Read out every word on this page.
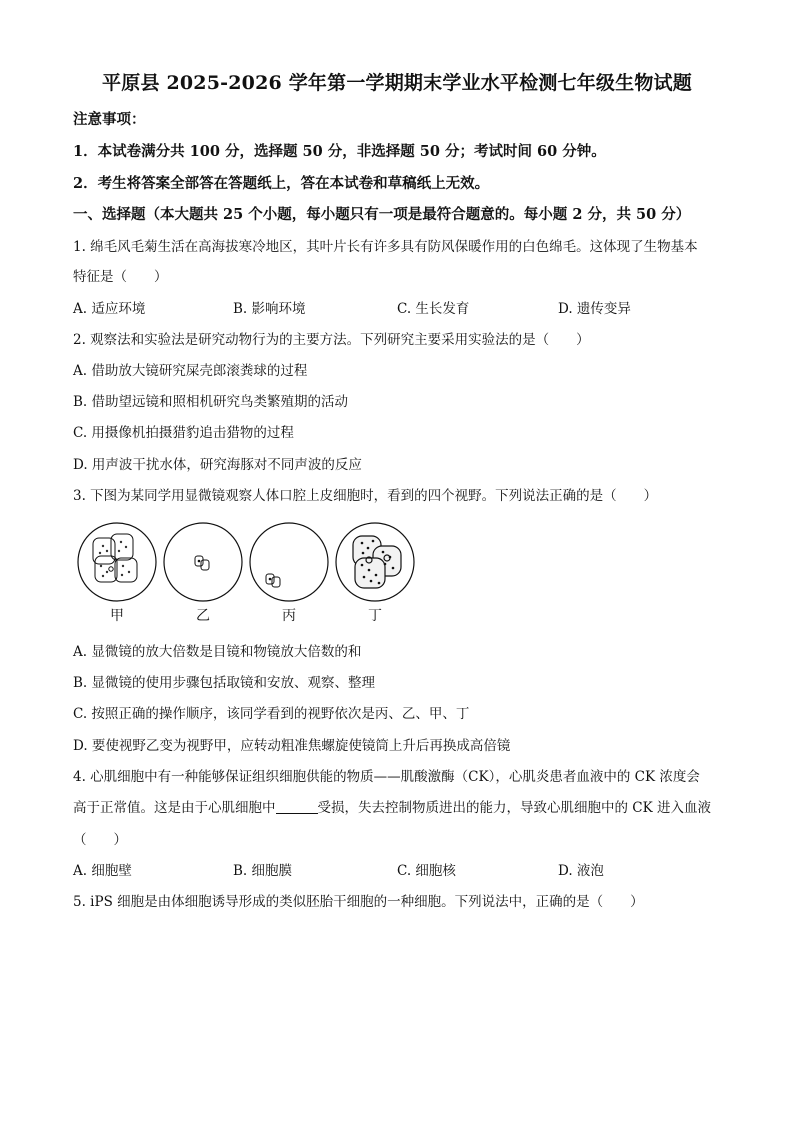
平原县 2025-2026 学年第一学期期末学业水平检测七年级生物试题
注意事项：
1．本试卷满分共 100 分，选择题 50 分，非选择题 50 分；考试时间 60 分钟。
2．考生将答案全部答在答题纸上，答在本试卷和草稿纸上无效。
一、选择题（本大题共 25 个小题，每小题只有一项是最符合题意的。每小题 2 分，共 50 分）
1. 绵毛风毛菊生活在高海拔寒冷地区，其叶片长有许多具有防风保暖作用的白色绵毛。这体现了生物基本
特征是（　　）
A. 适应环境	B. 影响环境	C. 生长发育	D. 遗传变异
2. 观察法和实验法是研究动物行为的主要方法。下列研究主要采用实验法的是（　　）
A. 借助放大镜研究屎壳郎滚粪球的过程
B. 借助望远镜和照相机研究鸟类繁殖期的活动
C. 用摄像机拍摄猎豹追击猎物的过程
D. 用声波干扰水体，研究海豚对不同声波的反应
3. 下图为某同学用显微镜观察人体口腔上皮细胞时，看到的四个视野。下列说法正确的是（　　）
甲	乙	丙	丁
A. 显微镜的放大倍数是目镜和物镜放大倍数的和
B. 显微镜的使用步骤包括取镜和安放、观察、整理
C. 按照正确的操作顺序，该同学看到的视野依次是丙、乙、甲、丁
D. 要使视野乙变为视野甲，应转动粗准焦螺旋使镜筒上升后再换成高倍镜
4. 心肌细胞中有一种能够保证组织细胞供能的物质——肌酸激酶（CK），心肌炎患者血液中的 CK 浓度会
高于正常值。这是由于心肌细胞中	受损，失去控制物质进出的能力，导致心肌细胞中的 CK 进入血液
（　　）
A. 细胞壁	B. 细胞膜	C. 细胞核	D. 液泡
5. iPS 细胞是由体细胞诱导形成的类似胚胎干细胞的一种细胞。下列说法中，正确的是（　　）
